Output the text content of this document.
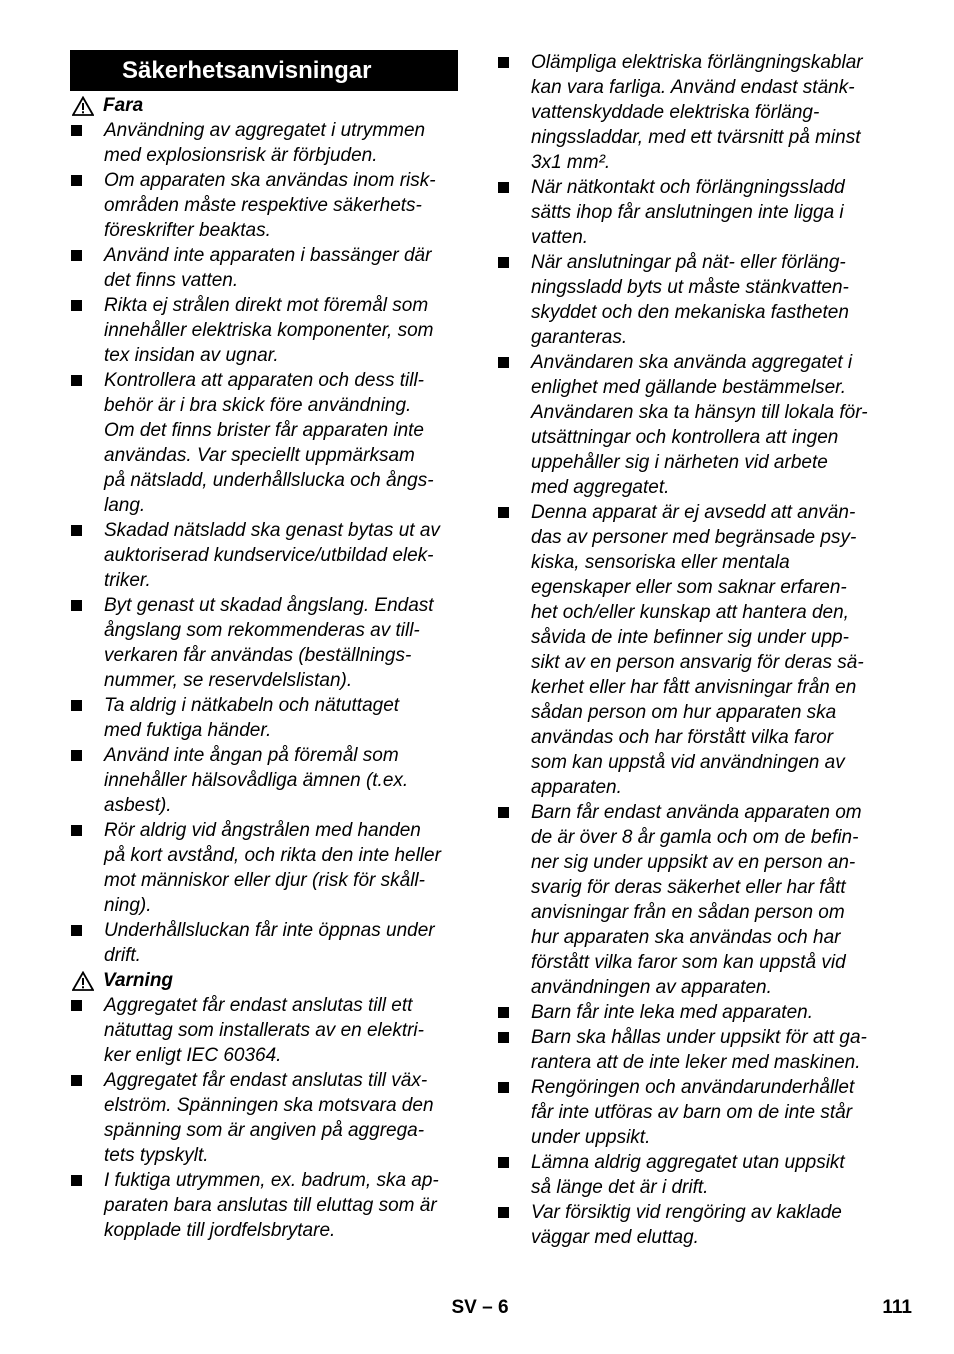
Säkerhetsanvisningar
Fara
Användning av aggregatet i utrymmen
med explosionsrisk är förbjuden.
Om apparaten ska användas inom risk-
områden måste respektive säkerhets-
föreskrifter beaktas.
Använd inte apparaten i bassänger där
det finns vatten.
Rikta ej strålen direkt mot föremål som
innehåller elektriska komponenter, som
tex insidan av ugnar.
Kontrollera att apparaten och dess till-
behör är i bra skick före användning.
Om det finns brister får apparaten inte
användas. Var speciellt uppmärksam
på nätsladd, underhållslucka och ångs-
lang.
Skadad nätsladd ska genast bytas ut av
auktoriserad kundservice/utbildad elek-
triker.
Byt genast ut skadad ångslang. Endast
ångslang som rekommenderas av till-
verkaren får användas (beställnings-
nummer, se reservdelslistan).
Ta aldrig i nätkabeln och nätuttaget
med fuktiga händer.
Använd inte ångan på föremål som
innehåller hälsovådliga ämnen (t.ex.
asbest).
Rör aldrig vid ångstrålen med handen
på kort avstånd, och rikta den inte heller
mot människor eller djur (risk för skåll-
ning).
Underhållsluckan får inte öppnas under
drift.
Varning
Aggregatet får endast anslutas till ett
nätuttag som installerats av en elektri-
ker enligt IEC 60364.
Aggregatet får endast anslutas till väx-
elström. Spänningen ska motsvara den
spänning som är angiven på aggrega-
tets typskylt.
I fuktiga utrymmen, ex. badrum, ska ap-
paraten bara anslutas till eluttag som är
kopplade till jordfelsbrytare.
Olämpliga elektriska förlängningskablar
kan vara farliga. Använd endast stänk-
vattenskyddade elektriska förläng-
ningssladdar, med ett tvärsnitt på minst
3x1 mm².
När nätkontakt och förlängningssladd
sätts ihop får anslutningen inte ligga i
vatten.
När anslutningar på nät- eller förläng-
ningssladd byts ut måste stänkvatten-
skyddet och den mekaniska fastheten
garanteras.
Användaren ska använda aggregatet i
enlighet med gällande bestämmelser.
Användaren ska ta hänsyn till lokala för-
utsättningar och kontrollera att ingen
uppehåller sig i närheten vid arbete
med aggregatet.
Denna apparat är ej avsedd att använ-
das av personer med begränsade psy-
kiska, sensoriska eller mentala
egenskaper eller som saknar erfaren-
het och/eller kunskap att hantera den,
såvida de inte befinner sig under upp-
sikt av en person ansvarig för deras sä-
kerhet eller har fått anvisningar från en
sådan person om hur apparaten ska
användas och har förstått vilka faror
som kan uppstå vid användningen av
apparaten.
Barn får endast använda apparaten om
de är över 8 år gamla och om de befin-
ner sig under uppsikt av en person an-
svarig för deras säkerhet eller har fått
anvisningar från en sådan person om
hur apparaten ska användas och har
förstått vilka faror som kan uppstå vid
användningen av apparaten.
Barn får inte leka med apparaten.
Barn ska hållas under uppsikt för att ga-
rantera att de inte leker med maskinen.
Rengöringen och användarunderhållet
får inte utföras av barn om de inte står
under uppsikt.
Lämna aldrig aggregatet utan uppsikt
så länge det är i drift.
Var försiktig vid rengöring av kaklade
väggar med eluttag.
SV – 6	111
